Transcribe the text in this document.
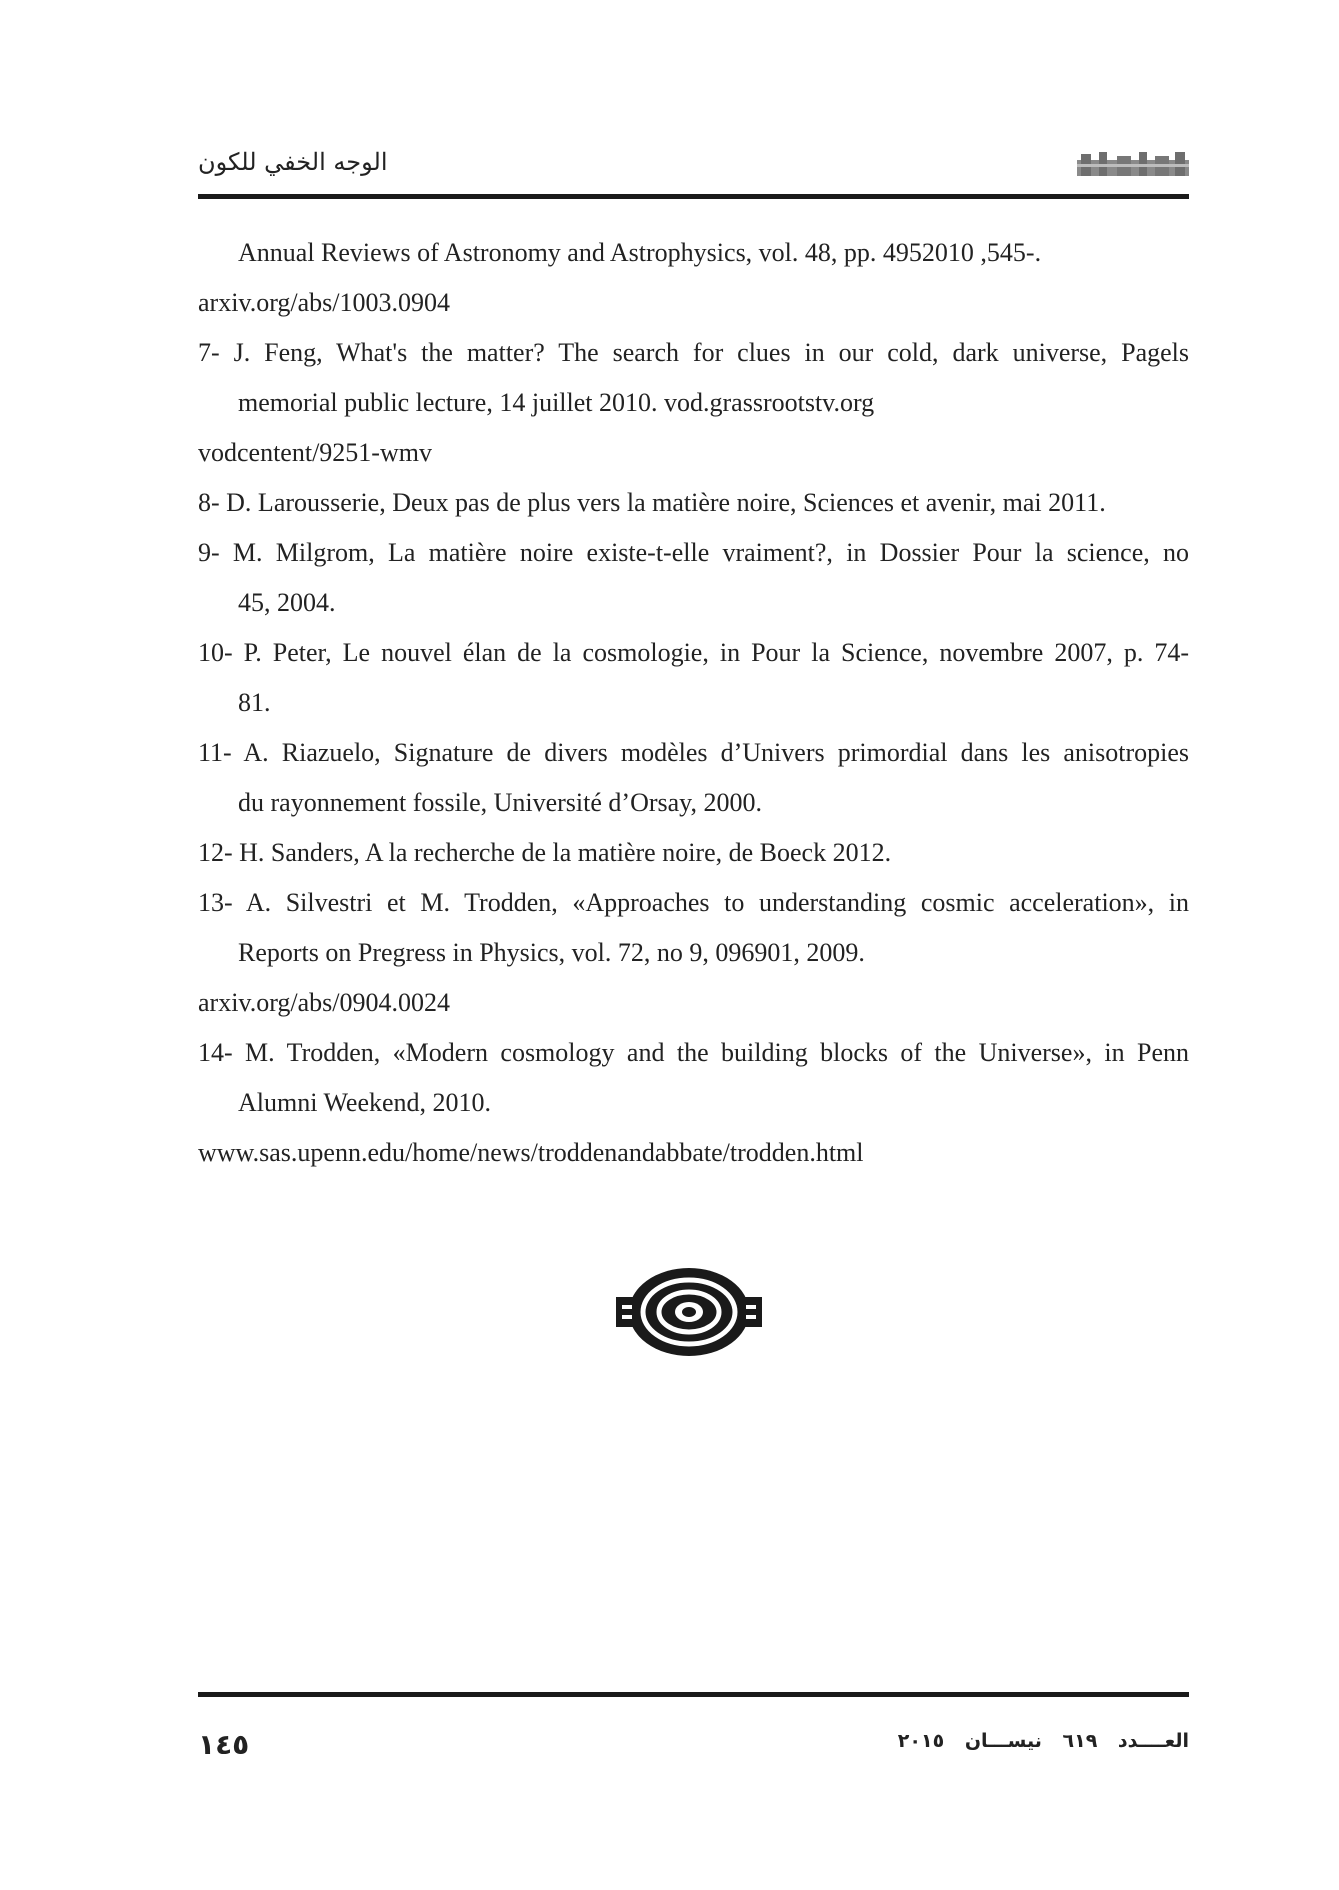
الوجه الخفي للكون
Annual Reviews of Astronomy and Astrophysics, vol. 48, pp. 4952010 ,545-.
arxiv.org/abs/1003.0904
7- J. Feng, What's the matter? The search for clues in our cold, dark universe, Pagels
memorial public lecture, 14 juillet 2010. vod.grassrootstv.org
vodcentent/9251-wmv
8- D. Larousserie, Deux pas de plus vers la matière noire, Sciences et avenir, mai 2011.
9- M. Milgrom, La matière noire existe-t-elle vraiment?, in Dossier Pour la science, no
45, 2004.
10- P. Peter, Le nouvel élan de la cosmologie, in Pour la Science, novembre 2007, p. 74-
81.
11- A. Riazuelo, Signature de divers modèles d’Univers primordial dans les anisotropies
du rayonnement fossile, Université d’Orsay, 2000.
12- H. Sanders, A la recherche de la matière noire, de Boeck 2012.
13- A. Silvestri et M. Trodden, «Approaches to understanding cosmic acceleration», in
Reports on Pregress in Physics, vol. 72, no 9, 096901, 2009.
arxiv.org/abs/0904.0024
14- M. Trodden, «Modern cosmology and the building blocks of the Universe», in Penn
Alumni Weekend, 2010.
www.sas.upenn.edu/home/news/troddenandabbate/trodden.html
١٤٥	العــــدد ٦١٩ نيســـان ٢٠١٥
